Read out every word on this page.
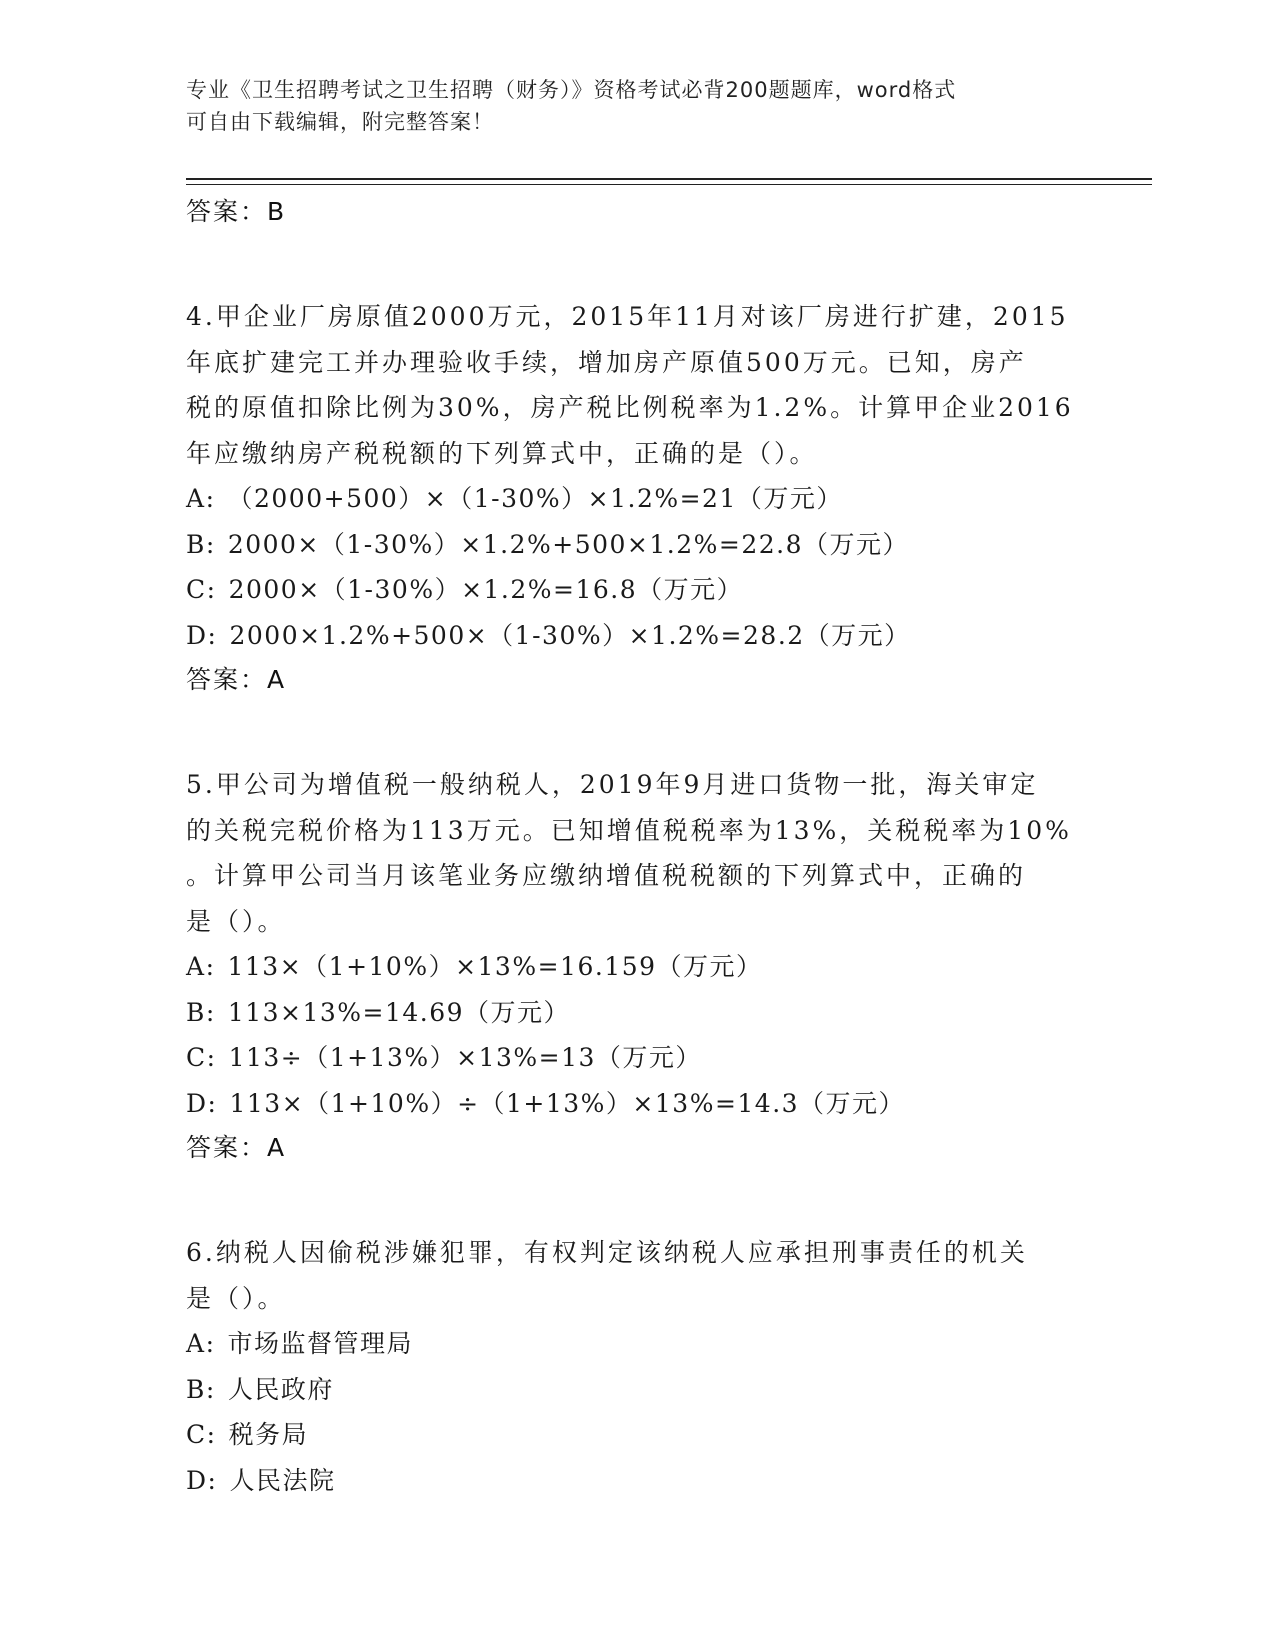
专业《卫生招聘考试之卫生招聘（财务）》资格考试必背200题题库，word格式
可自由下载编辑，附完整答案！
答案：B

4.甲企业厂房原值2000万元，2015年11月对该厂房进行扩建，2015

年底扩建完工并办理验收手续，增加房产原值500万元。已知，房产

税的原值扣除比例为30%，房产税比例税率为1.2%。计算甲企业2016

年应缴纳房产税税额的下列算式中，正确的是（）。

A: （2000+500）×（1-30%）×1.2%=21（万元）
B: 2000×（1-30%）×1.2%+500×1.2%=22.8（万元）
C: 2000×（1-30%）×1.2%=16.8（万元）
D: 2000×1.2%+500×（1-30%）×1.2%=28.2（万元）
答案：A

5.甲公司为增值税一般纳税人，2019年9月进口货物一批，海关审定

的关税完税价格为113万元。已知增值税税率为13%，关税税率为10%

。计算甲公司当月该笔业务应缴纳增值税税额的下列算式中，正确的

是（）。

A: 113×（1+10%）×13%=16.159（万元）
B: 113×13%=14.69（万元）
C: 113÷（1+13%）×13%=13（万元）
D: 113×（1+10%）÷（1+13%）×13%=14.3（万元）
答案：A

6.纳税人因偷税涉嫌犯罪，有权判定该纳税人应承担刑事责任的机关

是（）。

A: 市场监督管理局
B: 人民政府
C: 税务局
D: 人民法院
